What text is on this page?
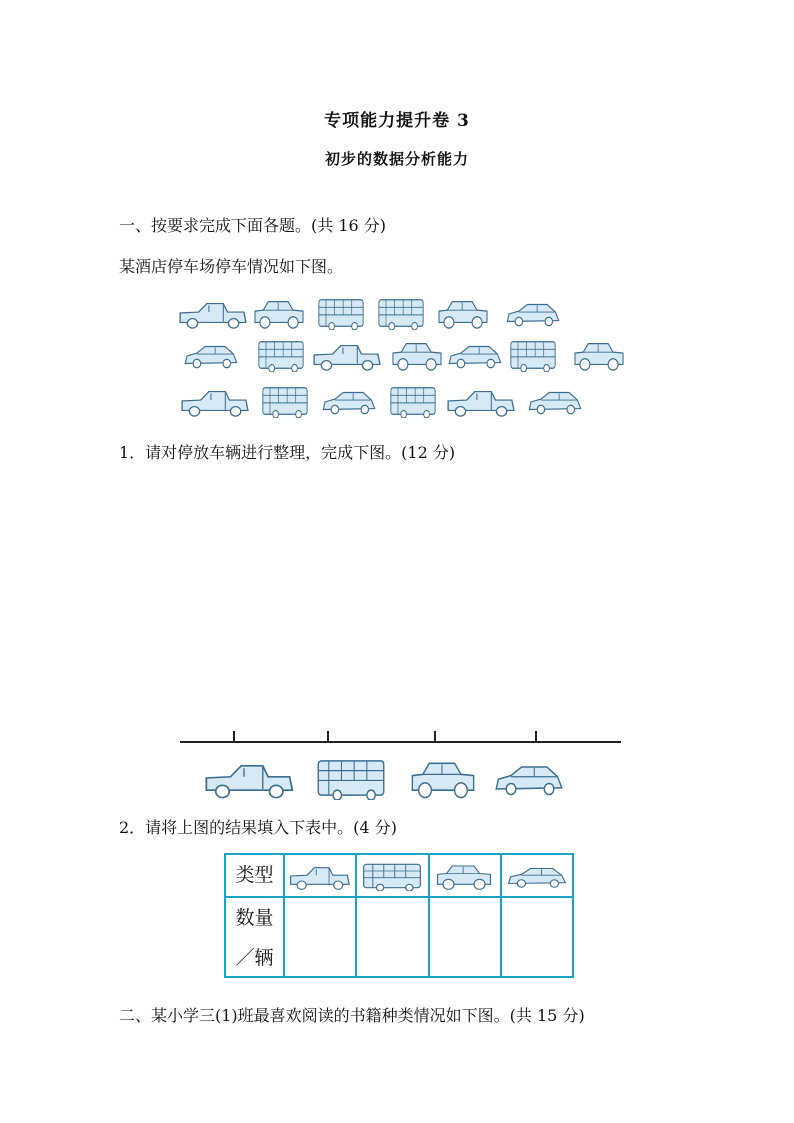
专项能力提升卷 3
初步的数据分析能力
一、按要求完成下面各题。(共 16 分)
某酒店停车场停车情况如下图。
1．请对停放车辆进行整理，完成下图。(12 分)
2．请将上图的结果填入下表中。(4 分)
类型
数量
／辆
二、某小学三(1)班最喜欢阅读的书籍种类情况如下图。(共 15 分)
